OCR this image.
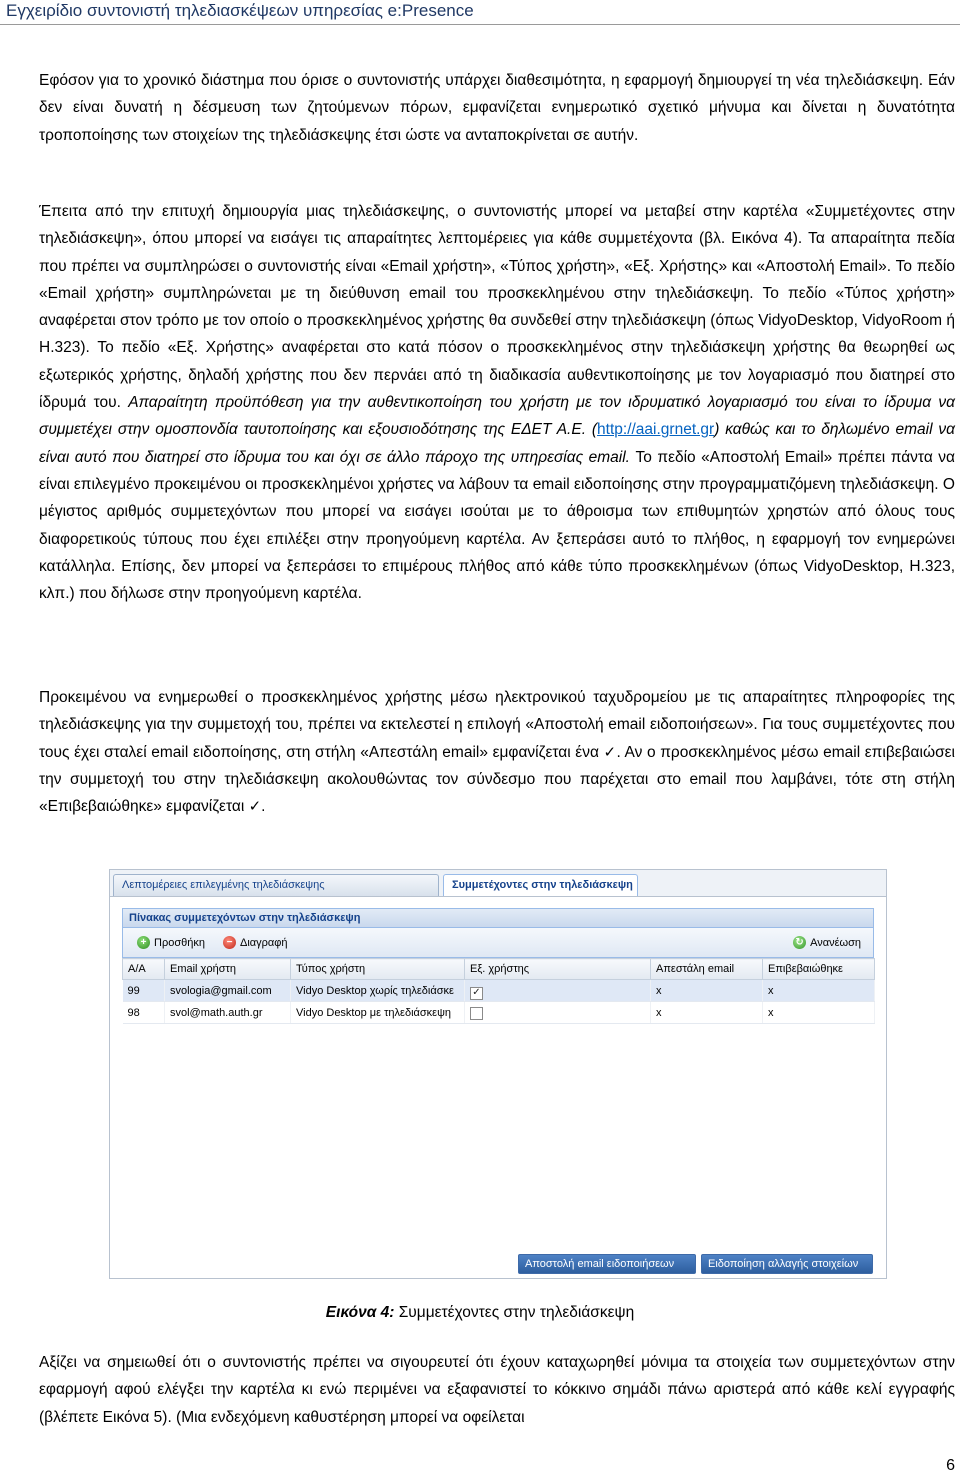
Εγχειρίδιο συντονιστή τηλεδιασκέψεων υπηρεσίας e:Presence

Εφόσον για το χρονικό διάστημα που όρισε ο συντονιστής υπάρχει διαθεσιμότητα, η εφαρμογή δημιουργεί τη νέα τηλεδιάσκεψη. Εάν δεν είναι δυνατή η δέσμευση των ζητούμενων πόρων, εμφανίζεται ενημερωτικό σχετικό μήνυμα και δίνεται η δυνατότητα τροποποίησης των στοιχείων της τηλεδιάσκεψης έτσι ώστε να ανταποκρίνεται σε αυτήν.

Έπειτα από την επιτυχή δημιουργία μιας τηλεδιάσκεψης, ο συντονιστής μπορεί να μεταβεί στην καρτέλα «Συμμετέχοντες στην τηλεδιάσκεψη», όπου μπορεί να εισάγει τις απαραίτητες λεπτομέρειες για κάθε συμμετέχοντα (βλ. Εικόνα 4). Τα απαραίτητα πεδία που πρέπει να συμπληρώσει ο συντονιστής είναι «Email χρήστη», «Τύπος χρήστη», «Εξ. Χρήστης» και «Αποστολή Email». Το πεδίο «Email χρήστη» συμπληρώνεται με τη διεύθυνση email του προσκεκλημένου στην τηλεδιάσκεψη. Το πεδίο «Τύπος χρήστη» αναφέρεται στον τρόπο με τον οποίο ο προσκεκλημένος χρήστης θα συνδεθεί στην τηλεδιάσκεψη (όπως VidyoDesktop, VidyoRoom ή H.323). Το πεδίο «Εξ. Χρήστης» αναφέρεται στο κατά πόσον ο προσκεκλημένος στην τηλεδιάσκεψη χρήστης θα θεωρηθεί ως εξωτερικός χρήστης, δηλαδή χρήστης που δεν περνάει από τη διαδικασία αυθεντικοποίησης με τον λογαριασμό που διατηρεί στο ίδρυμά του. Απαραίτητη προϋπόθεση για την αυθεντικοποίηση του χρήστη με τον ιδρυματικό λογαριασμό του είναι το ίδρυμα να συμμετέχει στην ομοσπονδία ταυτοποίησης και εξουσιοδότησης της ΕΔΕΤ Α.Ε. (http://aai.grnet.gr) καθώς και το δηλωμένο email να είναι αυτό που διατηρεί στο ίδρυμα του και όχι σε άλλο πάροχο της υπηρεσίας email. Το πεδίο «Αποστολή Email» πρέπει πάντα να είναι επιλεγμένο προκειμένου οι προσκεκλημένοι χρήστες να λάβουν τα email ειδοποίησης στην προγραμματιζόμενη τηλεδιάσκεψη. Ο μέγιστος αριθμός συμμετεχόντων που μπορεί να εισάγει ισούται με το άθροισμα των επιθυμητών χρηστών από όλους τους διαφορετικούς τύπους που έχει επιλέξει στην προηγούμενη καρτέλα. Αν ξεπεράσει αυτό το πλήθος, η εφαρμογή τον ενημερώνει κατάλληλα. Επίσης, δεν μπορεί να ξεπεράσει το επιμέρους πλήθος από κάθε τύπο προσκεκλημένων (όπως VidyoDesktop, H.323, κλπ.) που δήλωσε στην προηγούμενη καρτέλα.

Προκειμένου να ενημερωθεί ο προσκεκλημένος χρήστης μέσω ηλεκτρονικού ταχυδρομείου με τις απαραίτητες πληροφορίες της τηλεδιάσκεψης για την συμμετοχή του, πρέπει να εκτελεστεί η επιλογή «Αποστολή email ειδοποιήσεων». Για τους συμμετέχοντες που τους έχει σταλεί email ειδοποίησης, στη στήλη «Απεστάλη email» εμφανίζεται ένα ✓. Αν ο προσκεκλημένος μέσω email επιβεβαιώσει την συμμετοχή του στην τηλεδιάσκεψη ακολουθώντας τον σύνδεσμο που παρέχεται στο email που λαμβάνει, τότε στη στήλη «Επιβεβαιώθηκε» εμφανίζεται ✓.

Λεπτομέρειες επιλεγμένης τηλεδιάσκεψης	Συμμετέχοντες στην τηλεδιάσκεψη
Πίνακας συμμετεχόντων στην τηλεδιάσκεψη
+ Προσθήκη	− Διαγραφή	↻ Ανανέωση
Α/Α	Email χρήστη	Τύπος χρήστη	Εξ. χρήστης	Απεστάλη email	Επιβεβαιώθηκε
99	svologia@gmail.com	Vidyo Desktop χωρίς τηλεδιάσκε	✓	x	x
98	svol@math.auth.gr	Vidyo Desktop με τηλεδιάσκεψη		x	x
Αποστολή email ειδοποιήσεων	Ειδοποίηση αλλαγής στοιχείων
Εικόνα 4: Συμμετέχοντες στην τηλεδιάσκεψη

Αξίζει να σημειωθεί ότι ο συντονιστής πρέπει να σιγουρευτεί ότι έχουν καταχωρηθεί μόνιμα τα στοιχεία των συμμετεχόντων στην εφαρμογή αφού ελέγξει την καρτέλα κι ενώ περιμένει να εξαφανιστεί το κόκκινο σημάδι πάνω αριστερά από κάθε κελί εγγραφής (βλέπετε Εικόνα 5). (Μια ενδεχόμενη καθυστέρηση μπορεί να οφείλεται

6
